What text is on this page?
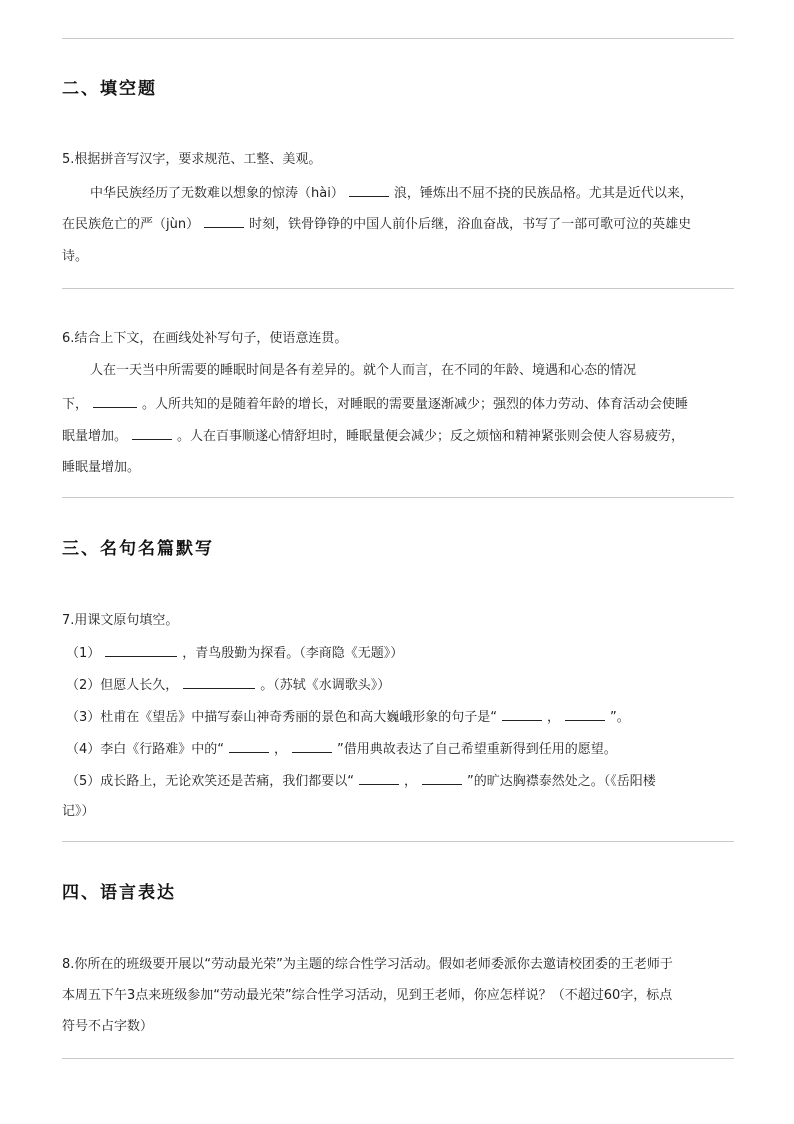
二、填空题
5.根据拼音写汉字，要求规范、工整、美观。
中华民族经历了无数难以想象的惊涛（hài）	浪，锤炼出不屈不挠的民族品格。尤其是近代以来，
在民族危亡的严（jùn）	时刻，铁骨铮铮的中国人前仆后继，浴血奋战，书写了一部可歌可泣的英雄史
诗。
6.结合上下文，在画线处补写句子，使语意连贯。
人在一天当中所需要的睡眠时间是各有差异的。就个人而言，在不同的年龄、境遇和心态的情况
下，	。人所共知的是随着年龄的增长，对睡眠的需要量逐渐减少；强烈的体力劳动、体育活动会使睡
眠量增加。	。人在百事顺遂心情舒坦时，睡眠量便会减少；反之烦恼和精神紧张则会使人容易疲劳，
睡眠量增加。
三、名句名篇默写
7.用课文原句填空。
（1）	，青鸟殷勤为探看。（李商隐《无题》）
（2）但愿人长久，	。（苏轼《水调歌头》）
（3）杜甫在《望岳》中描写泰山神奇秀丽的景色和高大巍峨形象的句子是“	，	”。
（4）李白《行路难》中的“	，	”借用典故表达了自己希望重新得到任用的愿望。
（5）成长路上，无论欢笑还是苦痛，我们都要以“	，	”的旷达胸襟泰然处之。（《岳阳楼
记》）
四、语言表达
8.你所在的班级要开展以“劳动最光荣”为主题的综合性学习活动。假如老师委派你去邀请校团委的王老师于
本周五下午3点来班级参加“劳动最光荣”综合性学习活动，见到王老师，你应怎样说？（不超过60字，标点
符号不占字数）
